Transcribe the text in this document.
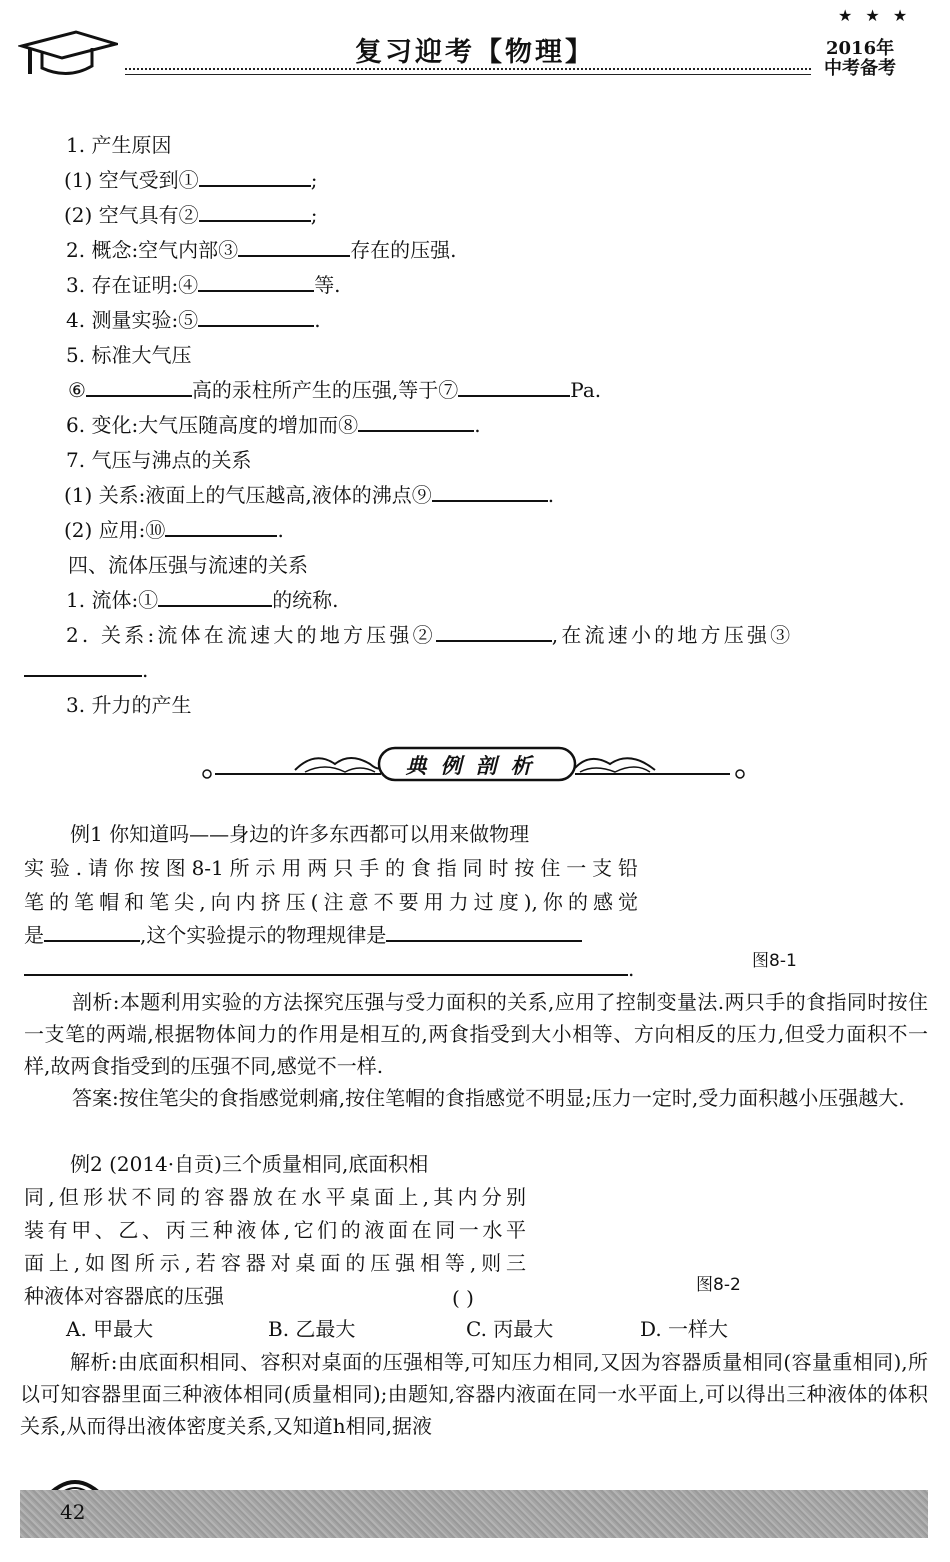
复习迎考【物理】
★ ★ ★
2016年
中考备考
1. 产生原因
(1) 空气受到①	;
(2) 空气具有②	;
2. 概念:空气内部③	存在的压强.
3. 存在证明:④	等.
4. 测量实验:⑤	.
5. 标准大气压
⑥	高的汞柱所产生的压强,等于⑦	Pa.
6. 变化:大气压随高度的增加而⑧	.
7. 气压与沸点的关系
(1) 关系:液面上的气压越高,液体的沸点⑨	.
(2) 应用:⑩	.
四、流体压强与流速的关系
1. 流体:①	的统称.
2. 关系:流体在流速大的地方压强②	,在流速小的地方压强③
.
3. 升力的产生
典例剖析
例1 你知道吗——身边的许多东西都可以用来做物理
实验.请你按图8-1所示用两只手的食指同时按住一支铅
笔的笔帽和笔尖,向内挤压(注意不要用力过度),你的感觉
是	,这个实验提示的物理规律是
.	图8-1
剖析:本题利用实验的方法探究压强与受力面积的关系,应用了控制变量法.两只手的食指同时按住一支笔的两端,根据物体间力的作用是相互的,两食指受到大小相等、方向相反的压力,但受力面积不一样,故两食指受到的压强不同,感觉不一样.
答案:按住笔尖的食指感觉刺痛,按住笔帽的食指感觉不明显;压力一定时,受力面积越小压强越大.
例2 (2014·自贡)三个质量相同,底面积相
同,但形状不同的容器放在水平桌面上,其内分别
装有甲、乙、丙三种液体,它们的液面在同一水平
面上,如图所示,若容器对桌面的压强相等,则三
种液体对容器底的压强	( )
图8-2
A. 甲最大	B. 乙最大	C. 丙最大	D. 一样大
解析:由底面积相同、容积对桌面的压强相等,可知压力相同,又因为容器质量相同(容量重相同),所以可知容器里面三种液体相同(质量相同);由题知,容器内液面在同一水平面上,可以得出三种液体的体积关系,从而得出液体密度关系,又知道h相同,据液
42
